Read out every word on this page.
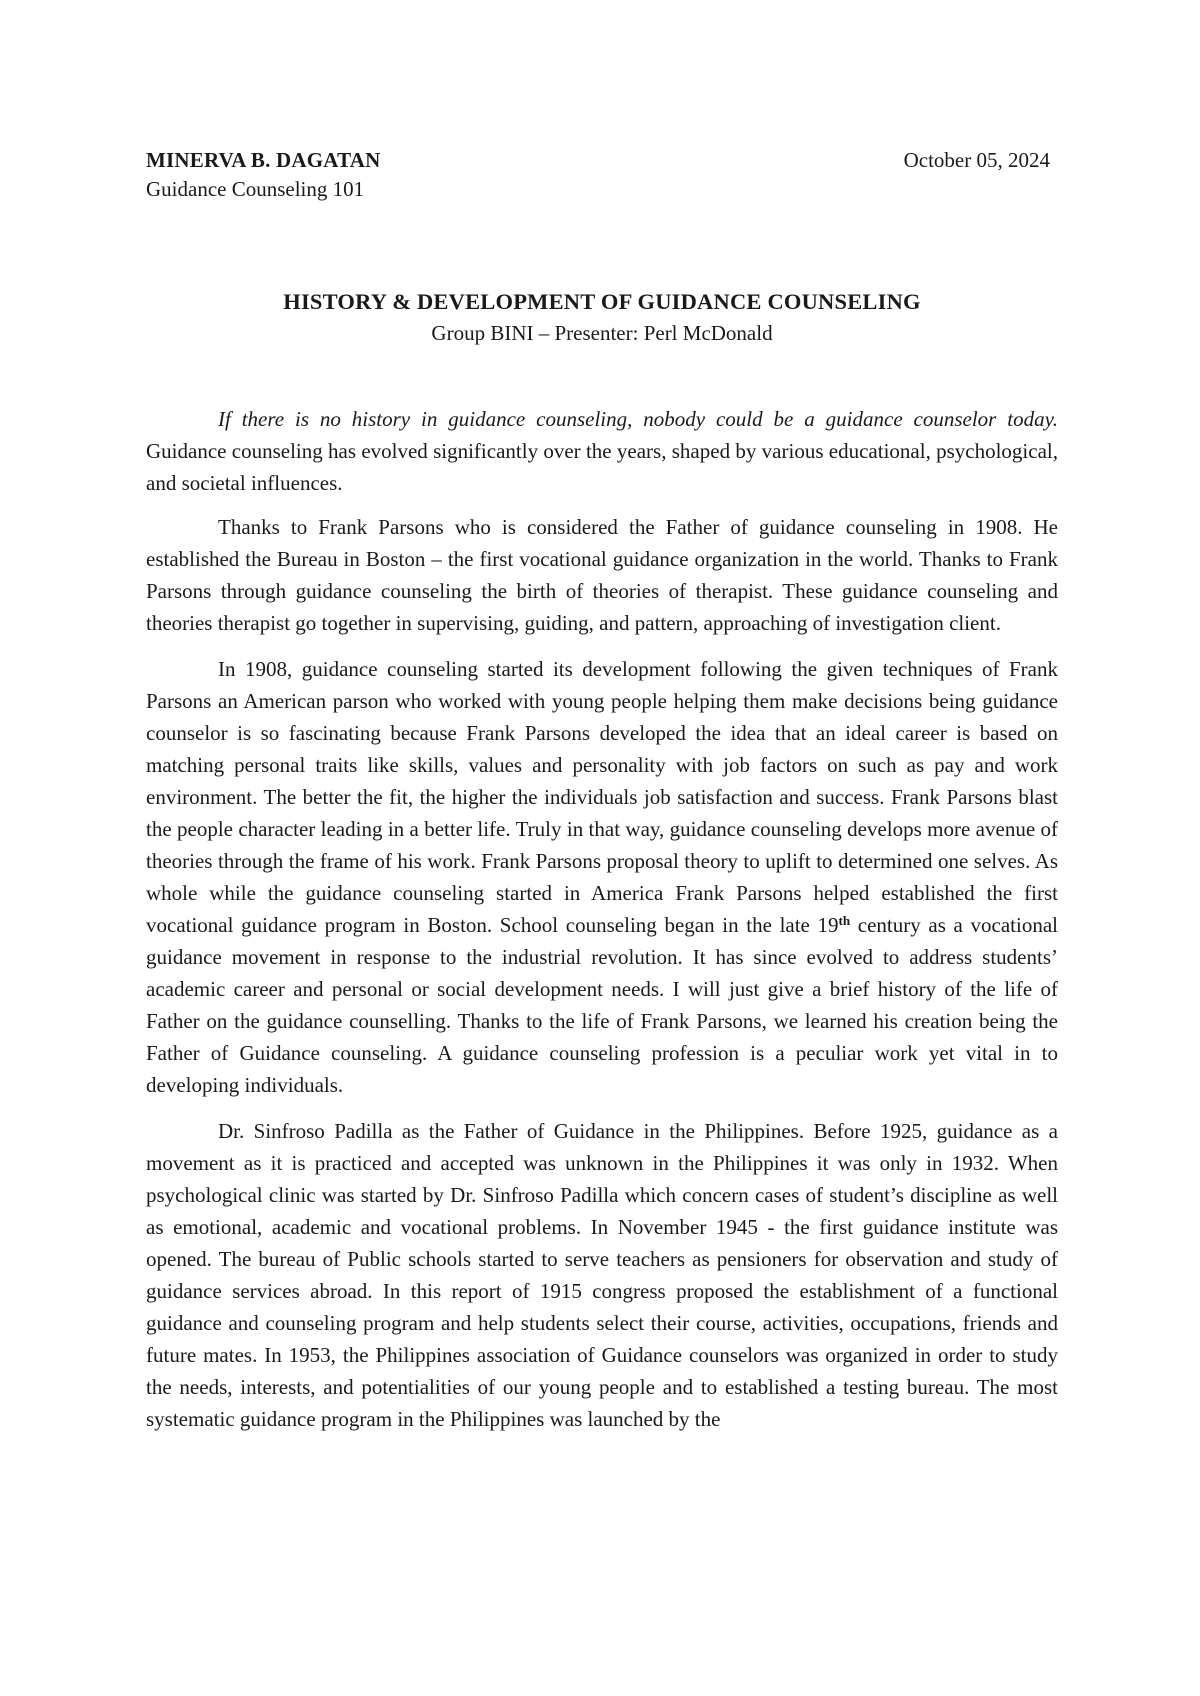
MINERVA B. DAGATAN	October 05, 2024
Guidance Counseling 101
HISTORY & DEVELOPMENT OF GUIDANCE COUNSELING
Group BINI – Presenter: Perl McDonald

If there is no history in guidance counseling, nobody could be a guidance counselor today. Guidance counseling has evolved significantly over the years, shaped by various educational, psychological, and societal influences.

Thanks to Frank Parsons who is considered the Father of guidance counseling in 1908. He established the Bureau in Boston – the first vocational guidance organization in the world. Thanks to Frank Parsons through guidance counseling the birth of theories of therapist. These guidance counseling and theories therapist go together in supervising, guiding, and pattern, approaching of investigation client.

In 1908, guidance counseling started its development following the given techniques of Frank Parsons an American parson who worked with young people helping them make decisions being guidance counselor is so fascinating because Frank Parsons developed the idea that an ideal career is based on matching personal traits like skills, values and personality with job factors on such as pay and work environment. The better the fit, the higher the individuals job satisfaction and success. Frank Parsons blast the people character leading in a better life. Truly in that way, guidance counseling develops more avenue of theories through the frame of his work. Frank Parsons proposal theory to uplift to determined one selves. As whole while the guidance counseling started in America Frank Parsons helped established the first vocational guidance program in Boston. School counseling began in the late 19th century as a vocational guidance movement in response to the industrial revolution. It has since evolved to address students’ academic career and personal or social development needs. I will just give a brief history of the life of Father on the guidance counselling. Thanks to the life of Frank Parsons, we learned his creation being the Father of Guidance counseling. A guidance counseling profession is a peculiar work yet vital in to developing individuals.

Dr. Sinfroso Padilla as the Father of Guidance in the Philippines. Before 1925, guidance as a movement as it is practiced and accepted was unknown in the Philippines it was only in 1932. When psychological clinic was started by Dr. Sinfroso Padilla which concern cases of student’s discipline as well as emotional, academic and vocational problems. In November 1945 - the first guidance institute was opened. The bureau of Public schools started to serve teachers as pensioners for observation and study of guidance services abroad. In this report of 1915 congress proposed the establishment of a functional guidance and counseling program and help students select their course, activities, occupations, friends and future mates. In 1953, the Philippines association of Guidance counselors was organized in order to study the needs, interests, and potentialities of our young people and to established a testing bureau. The most systematic guidance program in the Philippines was launched by the
